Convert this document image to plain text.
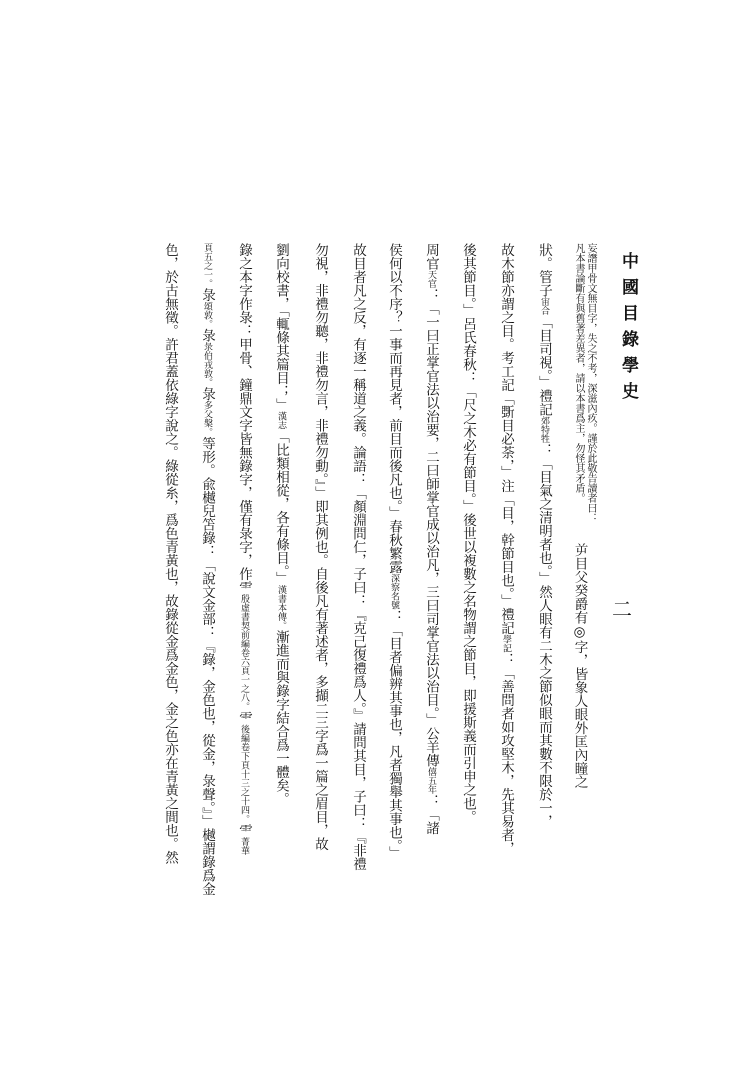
中國目錄學史
二
妄譖甲骨文無目字，失之不考，深滋內疚。謹於此敬告讀者曰：
凡本書論斷有與舊著差異者，請以本書爲主，勿怪其矛盾。
屰目父癸爵有◎字，皆象人眼外匡內瞳之
狀。管子宙合「目司視。」禮記郊特牲：「目氣之清明者也。」然人眼有二木之節似眼而其數不限於一，
故木節亦謂之目。考工記「斲目必荼，」注「目，幹節目也。」禮記學記：「善問者如攻堅木，先其易者，
後其節目。」呂氏春秋：「尺之木必有節目。」後世以複數之名物謂之節目，即援斯義而引申之也。
周官天官：「一曰正掌官法以治要，二曰師掌官成以治凡，三曰司掌官法以治目。」公羊傳僖五年：「諸
侯何以不序？一事而再見者，前目而後凡也。」春秋繁露深察名號：「目者偏辨其事也，凡者獨舉其事也。」
故目者凡之反，有逐一稱道之義。論語：「顏淵問仁，子曰：『克己復禮爲人。』請問其目，子曰：『非禮
勿視，非禮勿聽，非禮勿言，非禮勿動。』」即其例也。自後凡有著述者，多擷二三字爲一篇之眉目，故
劉向校書，「輒條其篇目；」漢志「比類相從，各有條目。」漢書本傳。漸進而與錄字結合爲一體矣。
錄之本字作彔：甲骨、鐘鼎文字皆無錄字，僅有彔字，作⻗殷虛書契前編卷六頁一之八。⻗後編卷下頁十三之十四。⻗菁華
頁五之一。彔頌敦。彔彔伯戎敦。彔多父槃。等形。兪樾兒笘錄：「說文金部：『錄，金色也，從金，彔聲。』」樾謂錄爲金
色，於古無徵。許君蓋依綠字說之。綠從糸，爲色青黃也，故錄從金爲金色，金之色亦在青黃之間也。然
